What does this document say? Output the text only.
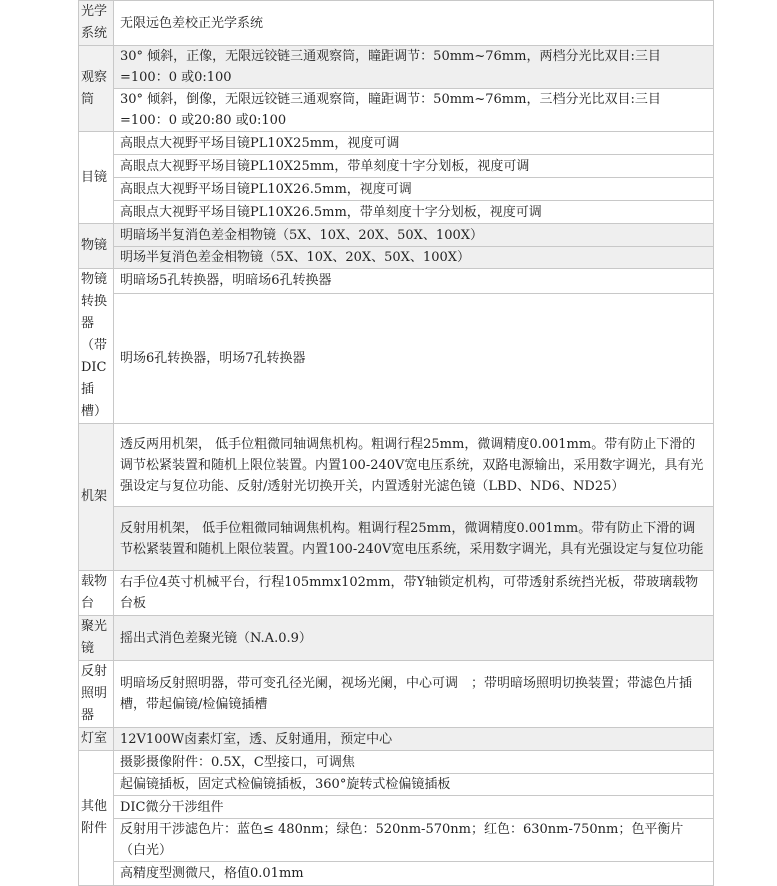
光学系统	无限远色差校正光学系统
观察筒	30° 倾斜，正像，无限远铰链三通观察筒，瞳距调节：50mm~76mm，两档分光比双目:三目=100：0 或0:100
	30° 倾斜，倒像，无限远铰链三通观察筒，瞳距调节：50mm~76mm，三档分光比双目:三目=100：0 或20:80 或0:100
目镜	高眼点大视野平场目镜PL10X25mm，视度可调
	高眼点大视野平场目镜PL10X25mm，带单刻度十字分划板，视度可调
	高眼点大视野平场目镜PL10X26.5mm，视度可调
	高眼点大视野平场目镜PL10X26.5mm，带单刻度十字分划板，视度可调
物镜	明暗场半复消色差金相物镜（5X、10X、20X、50X、100X）
	明场半复消色差金相物镜（5X、10X、20X、50X、100X）

物镜转换器（带DIC插槽）	明暗场5孔转换器，明暗场6孔转换器
	明场6孔转换器，明场7孔转换器
机架	透反两用机架， 低手位粗微同轴调焦机构。粗调行程25mm，微调精度0.001mm。带有防止下滑的调节松紧装置和随机上限位装置。内置100-240V宽电压系统，双路电源输出，采用数字调光，具有光强设定与复位功能、反射/透射光切换开关，内置透射光滤色镜（LBD、ND6、ND25）
	反射用机架， 低手位粗微同轴调焦机构。粗调行程25mm，微调精度0.001mm。带有防止下滑的调节松紧装置和随机上限位装置。内置100-240V宽电压系统，采用数字调光，具有光强设定与复位功能
载物台	右手位4英寸机械平台，行程105mmx102mm，带Y轴锁定机构，可带透射系统挡光板，带玻璃载物台板
聚光镜	摇出式消色差聚光镜（N.A.0.9）
反射照明器	明暗场反射照明器，带可变孔径光阑，视场光阑，中心可调　；带明暗场照明切换装置；带滤色片插槽，带起偏镜/检偏镜插槽
灯室	12V100W卤素灯室，透、反射通用，预定中心
其他附件	摄影摄像附件：0.5X，C型接口，可调焦
	起偏镜插板，固定式检偏镜插板，360°旋转式检偏镜插板
	DIC微分干涉组件
	反射用干涉滤色片：蓝色≤ 480nm；绿色：520nm-570nm；红色：630nm-750nm；色平衡片（白光）
	高精度型测微尺，格值0.01mm
